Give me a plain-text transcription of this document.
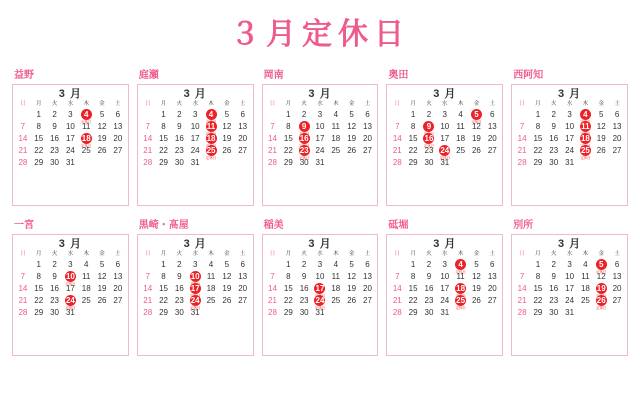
３月定休日
益野
3 月
日	月	火	水	木	金	土
	1	2	3	4 定休日	5	6
7	8	9	10	11	12	13
14	15	16	17	18 定休日	19	20
21	22	23	24	25	26	27
28	29	30	31			
庭瀬
3 月
日	月	火	水	木	金	土
	1	2	3	4 定休日	5	6
7	8	9	10	11 定休日	12	13
14	15	16	17	18 定休日	19	20
21	22	23	24	25 定休日	26	27
28	29	30	31			
岡南
3 月
日	月	火	水	木	金	土
	1	2	3	4	5	6
7	8	9 定休日	10	11	12	13
14	15	16 定休日	17	18	19	20
21	22	23 定休日	24	25	26	27
28	29	30	31			
奥田
3 月
日	月	火	水	木	金	土
	1	2	3	4	5 定休日	6
7	8	9 定休日	10	11	12	13
14	15	16 定休日	17	18	19	20
21	22	23	24 定休日	25	26	27
28	29	30	31			
西阿知
3 月
日	月	火	水	木	金	土
	1	2	3	4 定休日	5	6
7	8	9	10	11 定休日	12	13
14	15	16	17	18 定休日	19	20
21	22	23	24	25 定休日	26	27
28	29	30	31			
一宮
3 月
日	月	火	水	木	金	土
	1	2	3	4	5	6
7	8	9	10 定休日	11	12	13
14	15	16	17	18	19	20
21	22	23	24 定休日	25	26	27
28	29	30	31			
黒崎・髙屋
3 月
日	月	火	水	木	金	土
	1	2	3	4	5	6
7	8	9	10 定休日	11	12	13
14	15	16	17 定休日	18	19	20
21	22	23	24 定休日	25	26	27
28	29	30	31			
稲美
3 月
日	月	火	水	木	金	土
	1	2	3	4	5	6
7	8	9	10	11	12	13
14	15	16	17 定休日	18	19	20
21	22	23	24 定休日	25	26	27
28	29	30	31			
砥堀
3 月
日	月	火	水	木	金	土
	1	2	3	4 定休日	5	6
7	8	9	10	11	12	13
14	15	16	17	18 定休日	19	20
21	22	23	24	25 定休日	26	27
28	29	30	31			
別所
3 月
日	月	火	水	木	金	土
	1	2	3	4	5 定休日	6
7	8	9	10	11	12	13
14	15	16	17	18	19 定休日	20
21	22	23	24	25	26 定休日	27
28	29	30	31			
